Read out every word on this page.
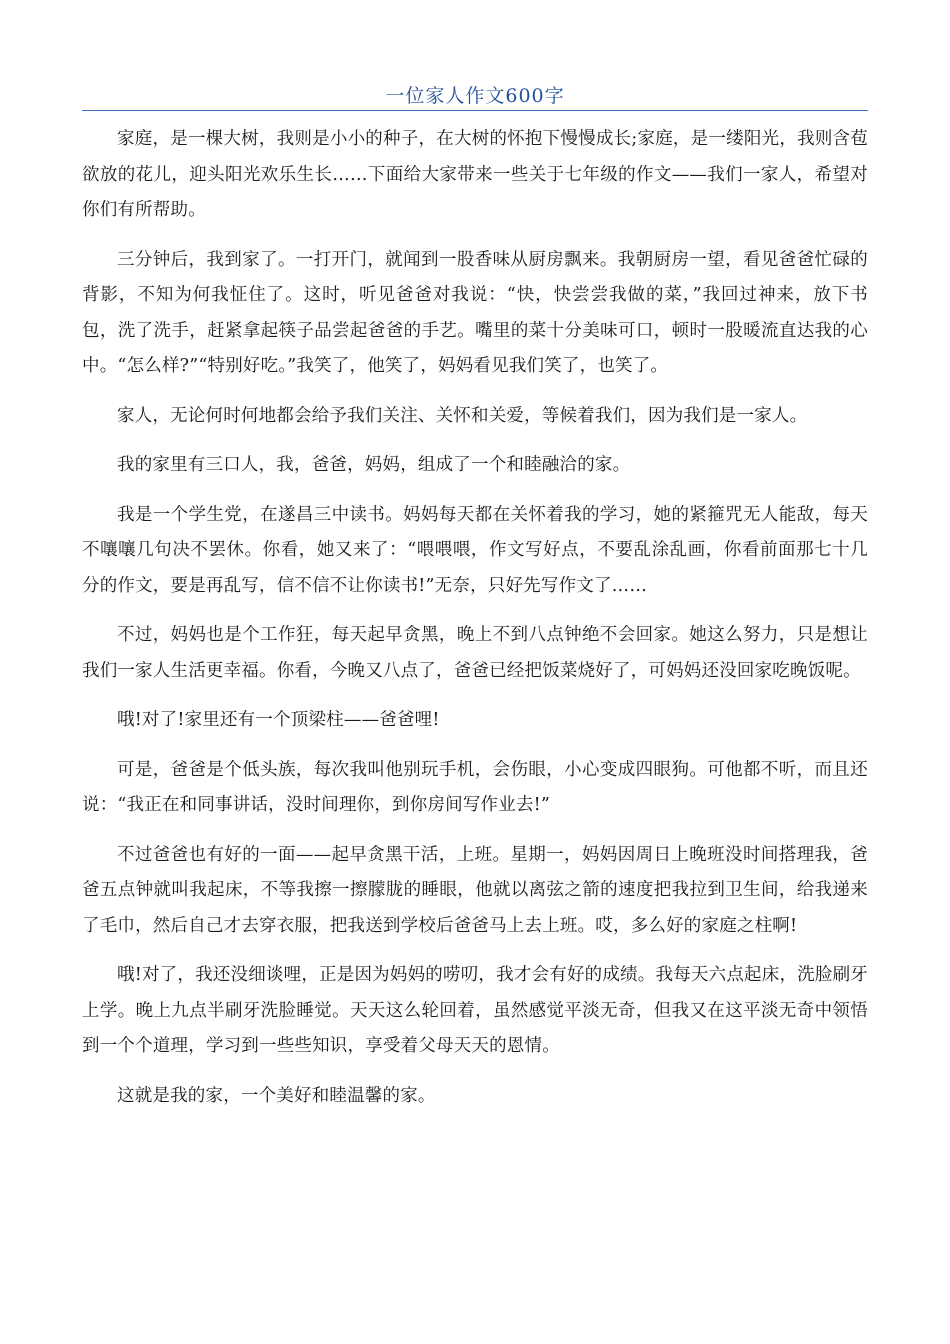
一位家人作文600字

家庭，是一棵大树，我则是小小的种子，在大树的怀抱下慢慢成长;家庭，是一缕阳光，我则含苞欲放的花儿，迎头阳光欢乐生长……下面给大家带来一些关于七年级的作文——我们一家人，希望对你们有所帮助。

三分钟后，我到家了。一打开门，就闻到一股香味从厨房飘来。我朝厨房一望，看见爸爸忙碌的背影，不知为何我怔住了。这时，听见爸爸对我说：“快，快尝尝我做的菜，”我回过神来，放下书包，洗了洗手，赶紧拿起筷子品尝起爸爸的手艺。嘴里的菜十分美味可口，顿时一股暖流直达我的心中。“怎么样?”“特别好吃。”我笑了，他笑了，妈妈看见我们笑了，也笑了。

家人，无论何时何地都会给予我们关注、关怀和关爱，等候着我们，因为我们是一家人。

我的家里有三口人，我，爸爸，妈妈，组成了一个和睦融洽的家。

我是一个学生党，在遂昌三中读书。妈妈每天都在关怀着我的学习，她的紧箍咒无人能敌，每天不嚷嚷几句决不罢休。你看，她又来了：“喂喂喂，作文写好点，不要乱涂乱画，你看前面那七十几分的作文，要是再乱写，信不信不让你读书!”无奈，只好先写作文了……

不过，妈妈也是个工作狂，每天起早贪黑，晚上不到八点钟绝不会回家。她这么努力，只是想让我们一家人生活更幸福。你看，今晚又八点了，爸爸已经把饭菜烧好了，可妈妈还没回家吃晚饭呢。

哦!对了!家里还有一个顶梁柱——爸爸哩!

可是，爸爸是个低头族，每次我叫他别玩手机，会伤眼，小心变成四眼狗。可他都不听，而且还说：“我正在和同事讲话，没时间理你，到你房间写作业去!”

不过爸爸也有好的一面——起早贪黑干活，上班。星期一，妈妈因周日上晚班没时间搭理我，爸爸五点钟就叫我起床，不等我擦一擦朦胧的睡眼，他就以离弦之箭的速度把我拉到卫生间，给我递来了毛巾，然后自己才去穿衣服，把我送到学校后爸爸马上去上班。哎，多么好的家庭之柱啊!

哦!对了，我还没细谈哩，正是因为妈妈的唠叨，我才会有好的成绩。我每天六点起床，洗脸刷牙上学。晚上九点半刷牙洗脸睡觉。天天这么轮回着，虽然感觉平淡无奇，但我又在这平淡无奇中领悟到一个个道理，学习到一些些知识，享受着父母天天的恩情。

这就是我的家，一个美好和睦温馨的家。
